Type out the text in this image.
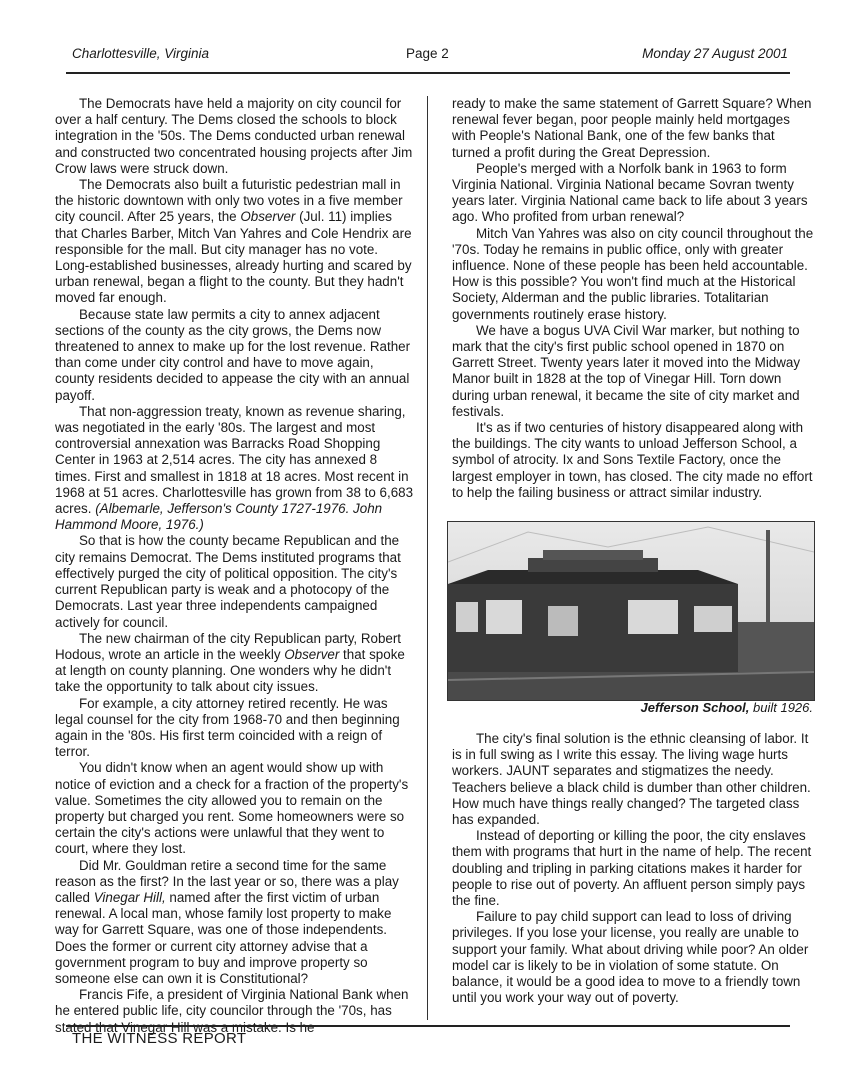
Charlottesville, Virginia	Page 2	Monday 27 August 2001

The Democrats have held a majority on city council for over a half century. The Dems closed the schools to block integration in the '50s. The Dems conducted urban renewal and constructed two concentrated housing projects after Jim Crow laws were struck down.

The Democrats also built a futuristic pedestrian mall in the historic downtown with only two votes in a five member city council. After 25 years, the Observer (Jul. 11) implies that Charles Barber, Mitch Van Yahres and Cole Hendrix are responsible for the mall. But city manager has no vote. Long-established businesses, already hurting and scared by urban renewal, began a flight to the county. But they hadn't moved far enough.

Because state law permits a city to annex adjacent sections of the county as the city grows, the Dems now threatened to annex to make up for the lost revenue. Rather than come under city control and have to move again, county residents decided to appease the city with an annual payoff.

That non-aggression treaty, known as revenue sharing, was negotiated in the early '80s. The largest and most controversial annexation was Barracks Road Shopping Center in 1963 at 2,514 acres. The city has annexed 8 times. First and smallest in 1818 at 18 acres. Most recent in 1968 at 51 acres. Charlottesville has grown from 38 to 6,683 acres. (Albemarle, Jefferson's County 1727-1976. John Hammond Moore, 1976.)

So that is how the county became Republican and the city remains Democrat. The Dems instituted programs that effectively purged the city of political opposition. The city's current Republican party is weak and a photocopy of the Democrats. Last year three independents campaigned actively for council.

The new chairman of the city Republican party, Robert Hodous, wrote an article in the weekly Observer that spoke at length on county planning. One wonders why he didn't take the opportunity to talk about city issues.

For example, a city attorney retired recently. He was legal counsel for the city from 1968-70 and then beginning again in the '80s. His first term coincided with a reign of terror.

You didn't know when an agent would show up with notice of eviction and a check for a fraction of the property's value. Sometimes the city allowed you to remain on the property but charged you rent. Some homeowners were so certain the city's actions were unlawful that they went to court, where they lost.

Did Mr. Gouldman retire a second time for the same reason as the first? In the last year or so, there was a play called Vinegar Hill, named after the first victim of urban renewal. A local man, whose family lost property to make way for Garrett Square, was one of those independents. Does the former or current city attorney advise that a government program to buy and improve property so someone else can own it is Constitutional?

Francis Fife, a president of Virginia National Bank when he entered public life, city councilor through the '70s, has stated that Vinegar Hill was a mistake. Is he

ready to make the same statement of Garrett Square? When renewal fever began, poor people mainly held mortgages with People's National Bank, one of the few banks that turned a profit during the Great Depression.

People's merged with a Norfolk bank in 1963 to form Virginia National. Virginia National became Sovran twenty years later. Virginia National came back to life about 3 years ago. Who profited from urban renewal?

Mitch Van Yahres was also on city council throughout the '70s. Today he remains in public office, only with greater influence. None of these people has been held accountable. How is this possible? You won't find much at the Historical Society, Alderman and the public libraries. Totalitarian governments routinely erase history.

We have a bogus UVA Civil War marker, but nothing to mark that the city's first public school opened in 1870 on Garrett Street. Twenty years later it moved into the Midway Manor built in 1828 at the top of Vinegar Hill. Torn down during urban renewal, it became the site of city market and festivals.

It's as if two centuries of history disappeared along with the buildings. The city wants to unload Jefferson School, a symbol of atrocity. Ix and Sons Textile Factory, once the largest employer in town, has closed. The city made no effort to help the failing business or attract similar industry.

Jefferson School, built 1926.

The city's final solution is the ethnic cleansing of labor. It is in full swing as I write this essay. The living wage hurts workers. JAUNT separates and stigmatizes the needy. Teachers believe a black child is dumber than other children. How much have things really changed? The targeted class has expanded.

Instead of deporting or killing the poor, the city enslaves them with programs that hurt in the name of help. The recent doubling and tripling in parking citations makes it harder for people to rise out of poverty. An affluent person simply pays the fine.

Failure to pay child support can lead to loss of driving privileges. If you lose your license, you really are unable to support your family. What about driving while poor? An older model car is likely to be in violation of some statute. On balance, it would be a good idea to move to a friendly town until you work your way out of poverty.

THE WITNESS REPORT
